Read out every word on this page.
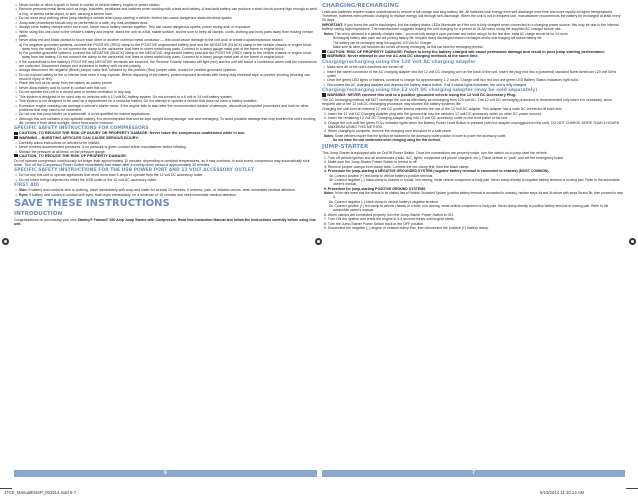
• Never smoke or allow a spark or flame in vicinity of vehicle battery, engine or power station.
• Remove personal metal items such as rings, bracelets, necklaces and watches when working with a lead acid battery. A lead acid battery can produce a short circuit current high enough to weld a ring, or similar metal object, to skin, causing a severe burn.
• Do not wear vinyl clothing when jump-starting a vehicle when jump-starting a vehicle, friction can cause dangerous static-electrical sparks.
• Jump-start procedures should only be performed in a safe, dry, well-ventilated area.
• Always store battery clamps when not in use. Never touch battery clamps together. This can cause dangerous sparks, power arcing and/ or explosion.
• When using this unit close to the vehicle's battery and engine, stand the unit on a flat, stable surface, and be sure to keep all clamps, cords, clothing and body parts away from moving vehicle parts.
• Never allow red and black clamps to touch each other or another common metal conductor — this could cause damage to the unit and/ or create a spark/explosion hazard.
a) For negative-grounded systems, connect the POSITIVE (RED) clamp to the POSITIVE ungrounded battery post and the NEGATIVE (BLACK) clamp to the vehicle chassis or engine block away from the battery. Do not connect the clamp to the carburetor, fuel lines or sheet-metal body parts. Connect to a heavy gauge metal part of the frame or engine block.
b) For positive-grounded systems, connect the NEGATIVE (BLACK) clamp to the NEGATIVE ungrounded battery post and the POSITIVE (RED) clamp to the vehicle chassis or engine block away from the battery. Do not connect the clamp to the carburetor, fuel lines or sheet-metal body parts. Connect to a heavy gauge metal part of the frame or engine block.
• If the connections to the battery's POSITIVE and NEGATIVE terminals are incorrect, the Reverse Polarity Indicator will light (red) and the unit will sound a continuous alarm until the connections are corrected. Disconnect clamps and reconnect to battery with correct polarity.
• Always disconnect the negative (Black) jumper cable first, followed by the positive (Red) jumper cable, except for positive grounded systems.
• Do not expose battery to fire or intense heat since it may explode. Before disposing of the battery, protect exposed terminals with heavy-duty electrical tape to prevent shorting (shorting can result in injury or fire).
• Place this unit as far away from the battery as cables permit.
• Never allow battery acid to come in contact with this unit.
• Do not operate this unit in a closed area or restrict ventilation in any way.
• This system is designed to be used only on vehicles with a 12 volt DC battery system. Do not connect to a 6 volt or 24 volt battery system.
• This system is not designed to be used as a replacement for a vehicular battery. Do not attempt to operate a vehicle that does not have a battery installed.
• Excessive engine cranking can damage a vehicle's starter motor. If the engine fails to start after the recommended number of attempts, discontinue jumpstart procedures and look for other problems that may need to be corrected.
• Do not use this jump-starter on a watercraft. It is not qualified for marine applications.
• Although this unit contains a non-spillable battery, it is recommended that unit be kept upright during storage, use and recharging. To avoid possible damage that may shorten the unit's working life, protect it from direct sunlight, direct heat and/or moisture.
SPECIFIC SAFETY INSTRUCTIONS FOR COMPRESSORS
CAUTION: TO REDUCE THE RISK OF INJURY OR PROPERTY DAMAGE: Never leave the compressor unattended while in use.
WARNING – BURSTING ARTICLES CAN CAUSE SERIOUS INJURY:
• Carefully follow instructions on articles to be inflated.
• Never exceed recommended pressures. If no pressure is given, contact article manufacturer before inflating.
• Monitor the pressure at all times on the pressure gauge.
CAUTION: TO REDUCE THE RISK OF PROPERTY DAMAGE:
Do not operate compressor continuously for longer than approximately 10 minutes, depending on ambient temperatures, as it may overheat. In such event, compressor may automatically shut down. Turn off the Compressor Power Switch immediately and restart after a cooling down period of approximately 30 minutes.
SPECIFIC SAFETY INSTRUCTIONS FOR THE USB POWER PORT AND 12 VOLT ACCESSORY OUTLET
• Do not use this unit to operate appliances that need more than 5 amps to operate from the 12 volt DC accessory outlet.
• Do not insert foreign objects into either the USB outlet or the 12 volt DC accessory outlet.
FIRST AID
• Skin: If battery acid contacts skin or clothing, wash immediately with soap and water for at least 10 minutes. If redness, pain, or irritation occurs, seek immediate medical attention.
• Eyes: If battery acid comes in contact with eyes, flush eyes immediately, for a minimum of 15 minutes and seek immediate medical attention.
SAVE THESE INSTRUCTIONS
INTRODUCTION
Congratulations on purchasing your new Stanley® Fatmax® 350 Amp Jump Starter with Compressor. Read this Instruction Manual and follow the instructions carefully before using this unit.
CHARGING/RECHARGING
Lead-acid batteries require routine maintenance to ensure a full charge and long battery life. All batteries lose energy from self-discharge over time and more rapidly at higher temperatures. Therefore, batteries need periodic charging to replace energy lost through self-discharge. When the unit is not in frequent use, manufacturer recommends the battery be recharged at least every 30 days.
IMPORTANT: If you know the unit is discharged, but the battery status LEDs illuminate as if the unit is fully charged when connected to a charging power source, this may be due to the internal battery having high impedance. The manufacturer suggests leaving the unit charging for a period of 24-36 hours using the supplied AC charger before use.
Notes: This unit is delivered in a partially charged state – you must fully charge it upon purchase and before using it for the first time. Initial AC charge should be for 24 hours.
Recharging battery after each use will prolong battery life; frequent heavy discharges between recharges and/or overcharging will reduce battery life.
The battery can be recharged using the supplied 120 Volt AC Charger.
Make sure all other unit functions are turned off during recharging, as this can slow the recharging process.
CAUTION: RISK OF PROPERTY DAMAGE: Failure to keep the battery charged will cause permanent damage and result in poor jump starting performance.
WARNING: Never attempt to use the AC and DC charging methods at the same time.
Charging/recharging using the 120 volt AC charging adapter
• Make sure all of the unit's functions are turned off.
• Insert the barrel connector of the AC charging adapter into the 12 volt DC charging port on the back of the unit. Insert the plug end into a (powered) standard North American 120 volt 60Hz outlet.
• Once the green LED lights or flashes, continue to charge for approximately 1-2 hours. Charge until two red and one green LED Battery Status Indicators light solid.
• Disconnect the AC charging adapter and depress the battery status button. If all 3 status lights illuminate, the unit is fully charged.
Charging/recharging using the 12 volt DC charging adapter (may be sold separately)
WARNING: NEVER connect this unit to a positive grounded vehicle using the 12 Volt DC Accessory Plug.
The DC recharging method will NOT recharge the unit as effectively as recharging from 120 volt AC. The 12 volt DC recharging procedure is recommended only when it is necessary, since frequent use of the 12 volt DC recharging procedure may shorten the battery system's life.
Charging the unit from an external 12 volt DC power source requires the use of the 12 Volt DC adapter. This adapter has a male DC connector at each end.
1. Insert the 12 Volt DC Charging Adapter plug with the grooved tip into the vehicle's 12 volt DC accessory outlet (or other DC power source).
2. Insert the remaining 12 Volt DC Charging Adapter plug into 12 volt DC accessory outlet on the front panel of the unit.
3. Charge the unit until the green FULL indicator lights when the Battery Power Level Button is pressed (with the adapter unplugged from the unit). DO NOT CHARGE MORE THAN 4 HOURS MAXIMUM USING THIS METHOD.
4. When charging is complete, remove the charging cord and store in a safe place.
Notes: Some vehicles require that the ignition be switched to the accessory outlet position in order to power the accessory outlet.
Do not leave the unit unattended when charging using the this method.
JUMP-STARTER
This Jump-Starter is equipped with an On/Off Power Switch. Once the connections are properly made, turn the switch on to jump-start the vehicle.
1. Turn off vehicle ignition and all accessories (radio, A/C, lights, connected cell phone chargers, etc.). Place vehicle in "park" and set the emergency brake.
2. Make sure the Jump-Starter Power Switch is turned to off.
3. Remove jumper clamps from clamp tabs. Connect the red clamp first, then the black clamp.
4. Procedure for jump-starting a NEGATIVE GROUNDED SYSTEM (negative battery terminal is connected to chassis) (MOST COMMON)
4a. Connect positive (+) red clamp to vehicle battery's positive terminal.
4b. Connect negative (–) black clamp to chassis or a solid, non-moving, metal vehicle component or body part. Never clamp directly to negative battery terminal or moving part. Refer to the automobile owner's manual.
5. Procedure for jump-starting POSITIVE GROUND SYSTEMS
Notes: In the rare event that the vehicle to be started has a Positive Grounded System (positive battery terminal is connected to chassis), replace steps 4a and 4b above with steps 5a and 5b, then proceed to step 6.
5a. Connect negative (–) black clamp to vehicle battery's negative terminal.
5b. Connect positive (+) red clamp to vehicle chassis or a solid, non-moving, metal vehicle component or body part. Never clamp directly to positive battery terminal or moving part. Refer to the automobile owner's manual.
6. When clamps are connected properly, turn the Jump-Starter Power Switch to ON.
7. Turn ON the ignition and crank the engine in 5-6 second bursts until engine starts.
8. Turn the Jump-Starter Power Switch back to the OFF position.
9. Disconnect the negative (–) engine or chassis clamp first, then disconnect the positive (+) battery clamp.
6	7
J7CS_ManualENSP_061914.indd 6-7	6/19/2014 11:10:14 AM
